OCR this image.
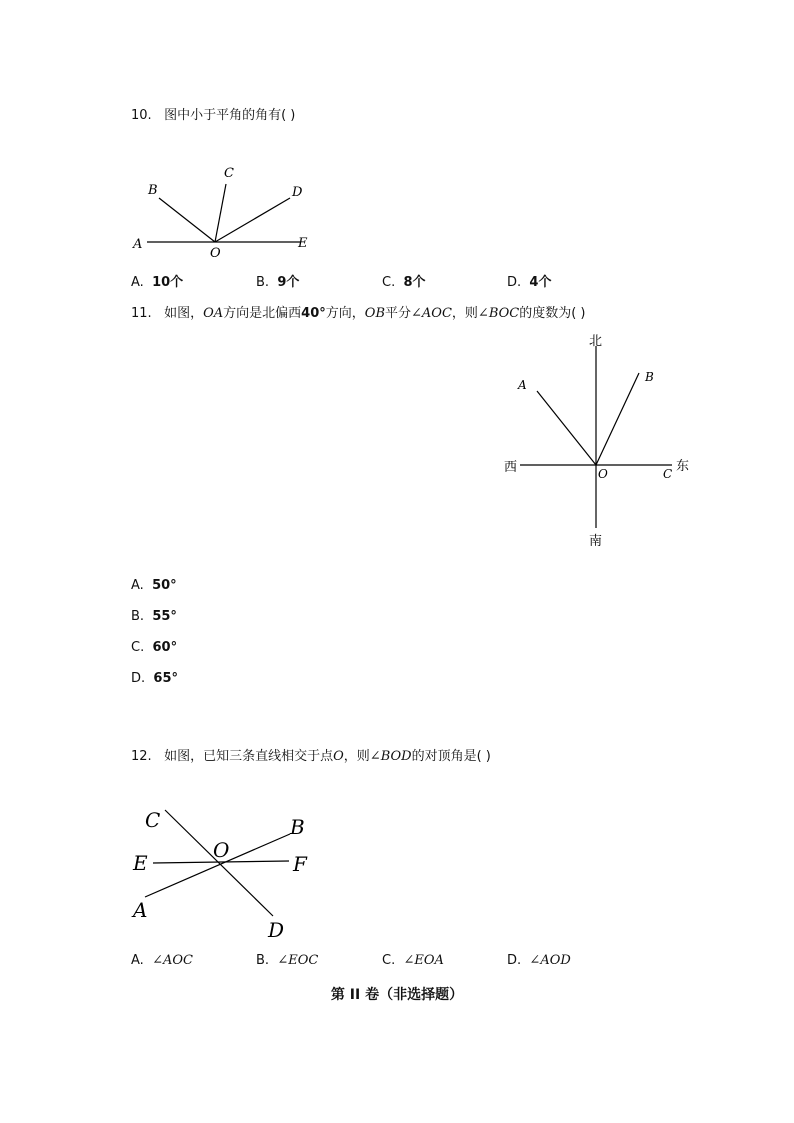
10. 图中小于平角的角有( )
A
B
C
D
E
O
A. 10个	B. 9个	C. 8个	D. 4个
11. 如图，OA方向是北偏西40°方向，OB平分∠AOC，则∠BOC的度数为( )
北
南
西	东
A
B
C
O
A. 50°
B. 55°
C. 60°
D. 65°
12. 如图，已知三条直线相交于点O，则∠BOD的对顶角是( )
C	B
E	F
O
A
D
A. ∠AOC	B. ∠EOC	C. ∠EOA	D. ∠AOD
第 II 卷（非选择题）
